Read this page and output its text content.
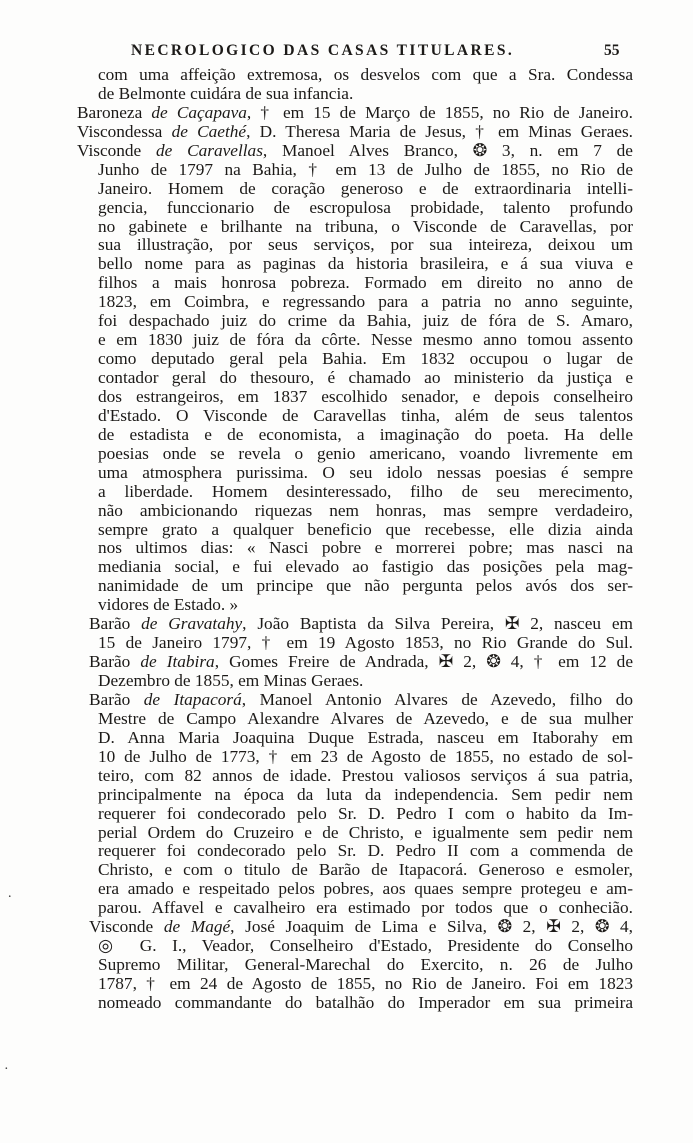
NECROLOGICO DAS CASAS TITULARES.	55
.
·
com uma affeição extremosa, os desvelos com que a Sra. Condessa
de Belmonte cuidára de sua infancia.
Baroneza de Caçapava, † em 15 de Março de 1855, no Rio de Janeiro.
Viscondessa de Caethé, D. Theresa Maria de Jesus, † em Minas Geraes.
Visconde de Caravellas, Manoel Alves Branco, ❂ 3, n. em 7 de
Junho de 1797 na Bahia, † em 13 de Julho de 1855, no Rio de
Janeiro. Homem de coração generoso e de extraordinaria intelli-
gencia, funccionario de escropulosa probidade, talento profundo
no gabinete e brilhante na tribuna, o Visconde de Caravellas, por
sua illustração, por seus serviços, por sua inteireza, deixou um
bello nome para as paginas da historia brasileira, e á sua viuva e
filhos a mais honrosa pobreza. Formado em direito no anno de
1823, em Coimbra, e regressando para a patria no anno seguinte,
foi despachado juiz do crime da Bahia, juiz de fóra de S. Amaro,
e em 1830 juiz de fóra da côrte. Nesse mesmo anno tomou assento
como deputado geral pela Bahia. Em 1832 occupou o lugar de
contador geral do thesouro, é chamado ao ministerio da justiça e
dos estrangeiros, em 1837 escolhido senador, e depois conselheiro
d'Estado. O Visconde de Caravellas tinha, além de seus talentos
de estadista e de economista, a imaginação do poeta. Ha delle
poesias onde se revela o genio americano, voando livremente em
uma atmosphera purissima. O seu idolo nessas poesias é sempre
a liberdade. Homem desinteressado, filho de seu merecimento,
não ambicionando riquezas nem honras, mas sempre verdadeiro,
sempre grato a qualquer beneficio que recebesse, elle dizia ainda
nos ultimos dias: « Nasci pobre e morrerei pobre; mas nasci na
mediania social, e fui elevado ao fastigio das posições pela mag-
nanimidade de um principe que não pergunta pelos avós dos ser-
vidores de Estado. »
Barão de Gravatahy, João Baptista da Silva Pereira, ✠ 2, nasceu em
15 de Janeiro 1797, † em 19 Agosto 1853, no Rio Grande do Sul.
Barão de Itabira, Gomes Freire de Andrada, ✠ 2, ❂ 4, † em 12 de
Dezembro de 1855, em Minas Geraes.
Barão de Itapacorá, Manoel Antonio Alvares de Azevedo, filho do
Mestre de Campo Alexandre Alvares de Azevedo, e de sua mulher
D. Anna Maria Joaquina Duque Estrada, nasceu em Itaborahy em
10 de Julho de 1773, † em 23 de Agosto de 1855, no estado de sol-
teiro, com 82 annos de idade. Prestou valiosos serviços á sua patria,
principalmente na época da luta da independencia. Sem pedir nem
requerer foi condecorado pelo Sr. D. Pedro I com o habito da Im-
perial Ordem do Cruzeiro e de Christo, e igualmente sem pedir nem
requerer foi condecorado pelo Sr. D. Pedro II com a commenda de
Christo, e com o titulo de Barão de Itapacorá. Generoso e esmoler,
era amado e respeitado pelos pobres, aos quaes sempre protegeu e am-
parou. Affavel e cavalheiro era estimado por todos que o conhecião.
Visconde de Magé, José Joaquim de Lima e Silva, ❂ 2, ✠ 2, ❂ 4,
◎ G. I., Veador, Conselheiro d'Estado, Presidente do Conselho
Supremo Militar, General-Marechal do Exercito, n. 26 de Julho
1787, † em 24 de Agosto de 1855, no Rio de Janeiro. Foi em 1823
nomeado commandante do batalhão do Imperador em sua primeira
